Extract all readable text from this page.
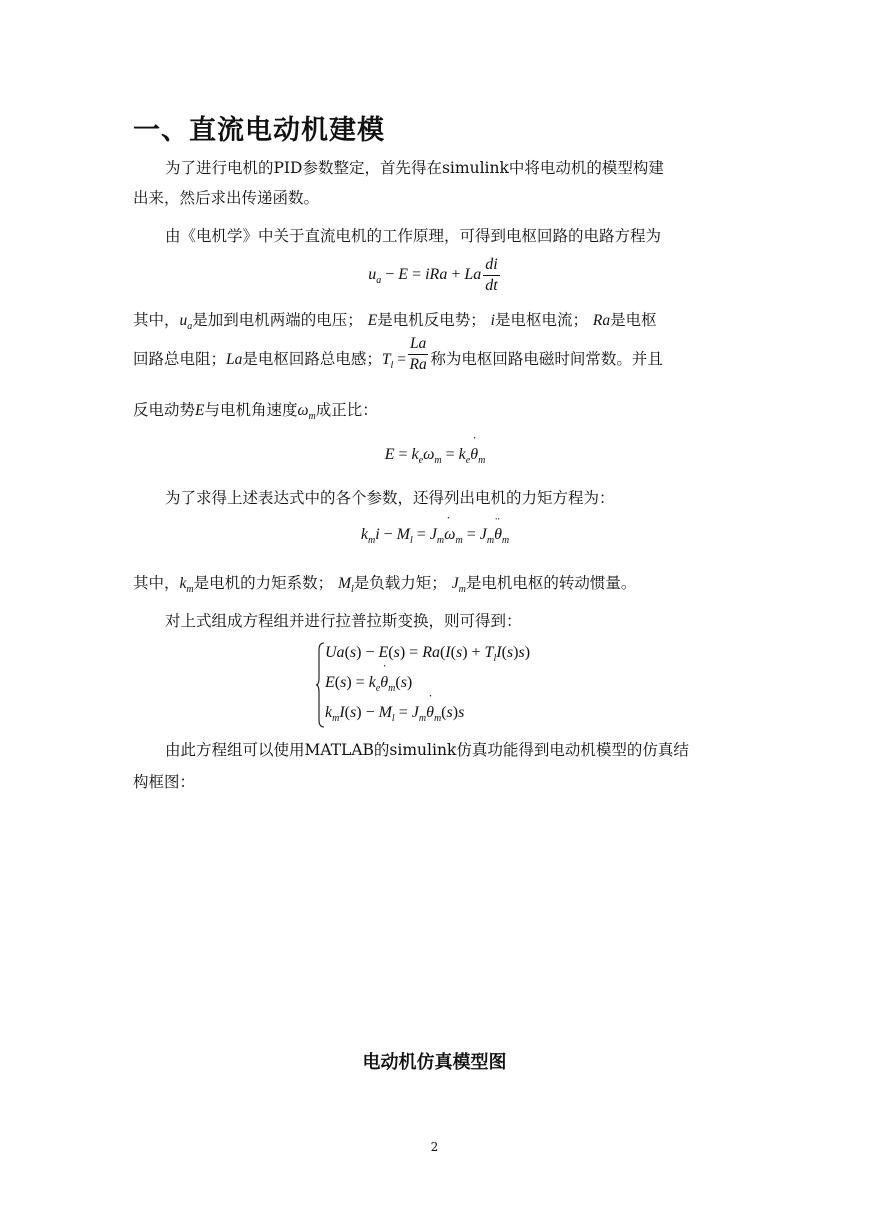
一、直流电动机建模
为了进行电机的PID参数整定，首先得在simulink中将电动机的模型构建
出来，然后求出传递函数。
由《电机学》中关于直流电机的工作原理，可得到电枢回路的电路方程为
$u_a - E$ = iRa + La $\frac{di}{dt}$
其中，$u_a$是加到电机两端的电压； E是电机反电势； i是电枢电流； Ra是电枢
回路总电阻；La是电枢回路总电感；$T_l = \frac{La}{Ra}$ 称为电枢回路电磁时间常数。并且
反电动势E与电机角速度$\omega_m$成正比：
$E = k_e\omega_m = k_e\theta$ $˙_m$
为了求得上述表达式中的各个参数，还得列出电机的力矩方程为：
$k_mi - M_l = J_m\omega$ $˙_m = J_m\theta$ $¨_m$
其中，$k_m$是电机的力矩系数； $M_l$是负载力矩； $J_m$是电机电枢的转动惯量。
对上式组成方程组并进行拉普拉斯变换，则可得到：
$Ua(s) - E(s) = Ra(I(s) + T_lI(s)s)$
$E(s) = k_e\theta$ $˙_m(s)$
$k_mI(s) - M_l = J_m\theta$ $˙_m(s)s$
由此方程组可以使用MATLAB的simulink仿真功能得到电动机模型的仿真结
构框图：
电动机仿真模型图
2
